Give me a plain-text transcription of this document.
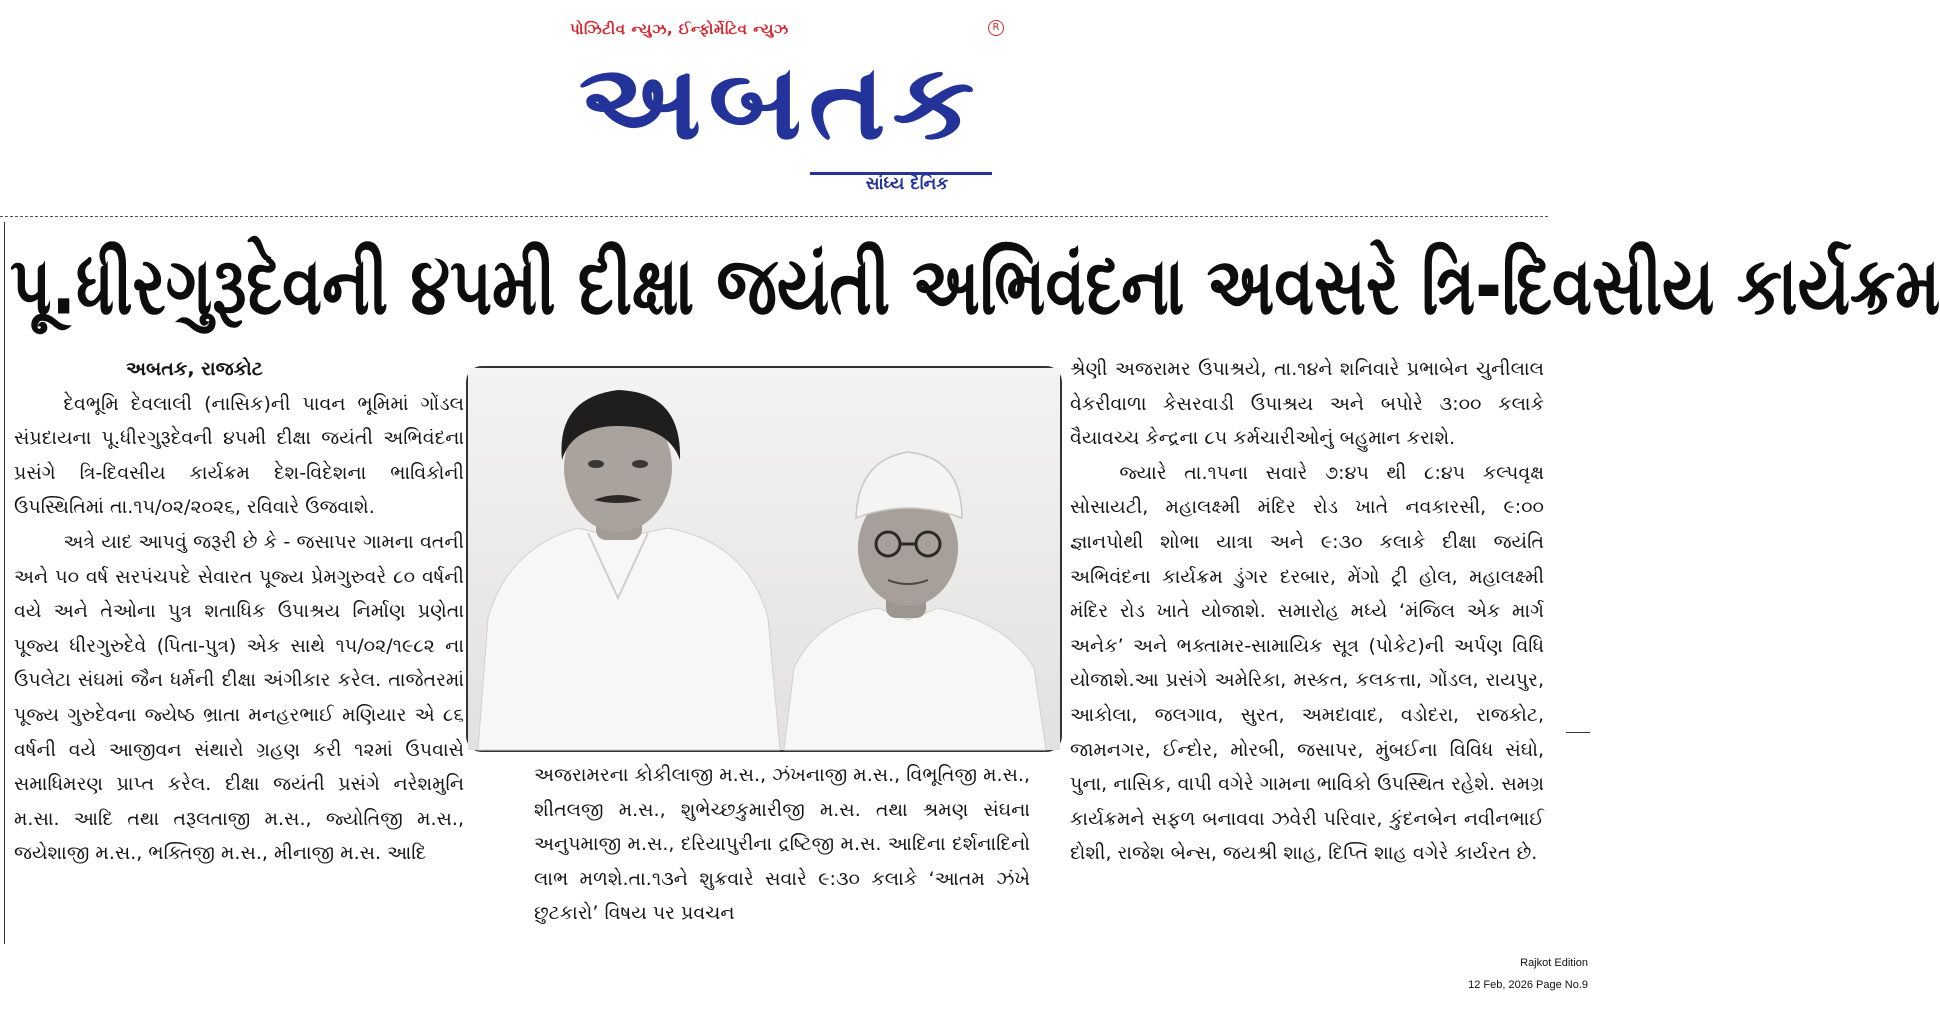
પોઝિટીવ ન્યુઝ, ઈન્ફોર્મેટિવ ન્યુઝ	R
અબતક
સાંધ્ય દૈનિક
પૂ.ધીરગુરૂદેવની ૪૫મી દીક્ષા જયંતી અભિવંદના અવસરે ત્રિ-દિવસીય કાર્યક્રમ
અબતક, રાજકોટ

દેવભૂમિ દેવલાલી (નાસિક)ની પાવન ભૂમિમાં ગોંડલ સંપ્રદાયના પૂ.ધીરગુરૂદેવની ૪૫મી દીક્ષા જયંતી અભિવંદના પ્રસંગે ત્રિ-દિવસીય કાર્યક્રમ દેશ-વિદેશના ભાવિકોની ઉપસ્થિતિમાં તા.૧૫/૦૨/૨૦૨૬, રવિવારે ઉજવાશે.

અત્રે યાદ આપવું જરૂરી છે કે - જસાપર ગામના વતની અને ૫૦ વર્ષ સરપંચપદે સેવારત પૂજ્ય પ્રેમગુરુવરે ૮૦ વર્ષની વયે અને તેઓના પુત્ર શતાધિક ઉપાશ્રય નિર્માણ પ્રણેતા પૂજ્ય ધીરગુરુદેવે (પિતા-પુત્ર) એક સાથે ૧૫/૦૨/૧૯૮૨ ના ઉપલેટા સંઘમાં જૈન ધર્મની દીક્ષા અંગીકાર કરેલ. તાજેતરમાં પૂજ્ય ગુરુદેવના જ્યેષ્ઠ ભ્રાતા મનહરભાઈ મણિયાર એ ૮૬ વર્ષની વયે આજીવન સંથારો ગ્રહણ કરી ૧૨માં ઉપવાસે સમાધિમરણ પ્રાપ્ત કરેલ. દીક્ષા જયંતી પ્રસંગે નરેશમુનિ મ.સા. આદિ તથા તરૂલતાજી મ.સ., જ્યોતિજી મ.સ., જયેશાજી મ.સ., ભક્તિજી મ.સ., મીનાજી મ.સ. આદિ

અજરામરના કોકીલાજી મ.સ., ઝંખનાજી મ.સ., વિભૂતિજી મ.સ., શીતલજી મ.સ., શુભેચ્છકુમારીજી મ.સ. તથા શ્રમણ સંઘના અનુપમાજી મ.સ., દરિયાપુરીના દ્રષ્ટિજી મ.સ. આદિના દર્શનાદિનો લાભ મળશે.તા.૧૩ને શુક્રવારે સવારે ૯:૩૦ કલાકે ‘આતમ ઝંખે છુટકારો’ વિષય પર પ્રવચન

શ્રેણી અજરામર ઉપાશ્રયે, તા.૧૪ને શનિવારે પ્રભાબેન ચુનીલાલ વેકરીવાળા કેસરવાડી ઉપાશ્રય અને બપોરે ૩:૦૦ કલાકે વૈયાવચ્ચ કેન્દ્રના ૮૫ કર્મચારીઓનું બહુમાન કરાશે.

જ્યારે તા.૧૫ના સવારે ૭:૪૫ થી ૮:૪૫ કલ્પવૃક્ષ સોસાયટી, મહાલક્ષ્મી મંદિર રોડ ખાતે નવકારસી, ૯:૦૦ જ્ઞાનપોથી શોભા યાત્રા અને ૯:૩૦ કલાકે દીક્ષા જયંતિ અભિવંદના કાર્યક્રમ ડુંગર દરબાર, મેંગો ટ્રી હોલ, મહાલક્ષ્મી મંદિર રોડ ખાતે યોજાશે. સમારોહ મધ્યે ‘મંજિલ એક માર્ગ અનેક’ અને ભક્તામર-સામાયિક સૂત્ર (પોકેટ)ની અર્પણ વિધિ યોજાશે.આ પ્રસંગે અમેરિકા, મસ્કત, કલકત્તા, ગોંડલ, રાયપુર, આકોલા, જલગાવ, સુરત, અમદાવાદ, વડોદરા, રાજકોટ, જામનગર, ઈન્દોર, મોરબી, જસાપર, મુંબઈના વિવિધ સંઘો, પુના, નાસિક, વાપી વગેરે ગામના ભાવિકો ઉપસ્થિત રહેશે. સમગ્ર કાર્યક્રમને સફળ બનાવવા ઝવેરી પરિવાર, કુંદનબેન નવીનભાઈ દોશી, રાજેશ બેન્સ, જયશ્રી શાહ, દિપ્તિ શાહ વગેરે કાર્યરત છે.

Rajkot Edition
12 Feb, 2026 Page No.9
